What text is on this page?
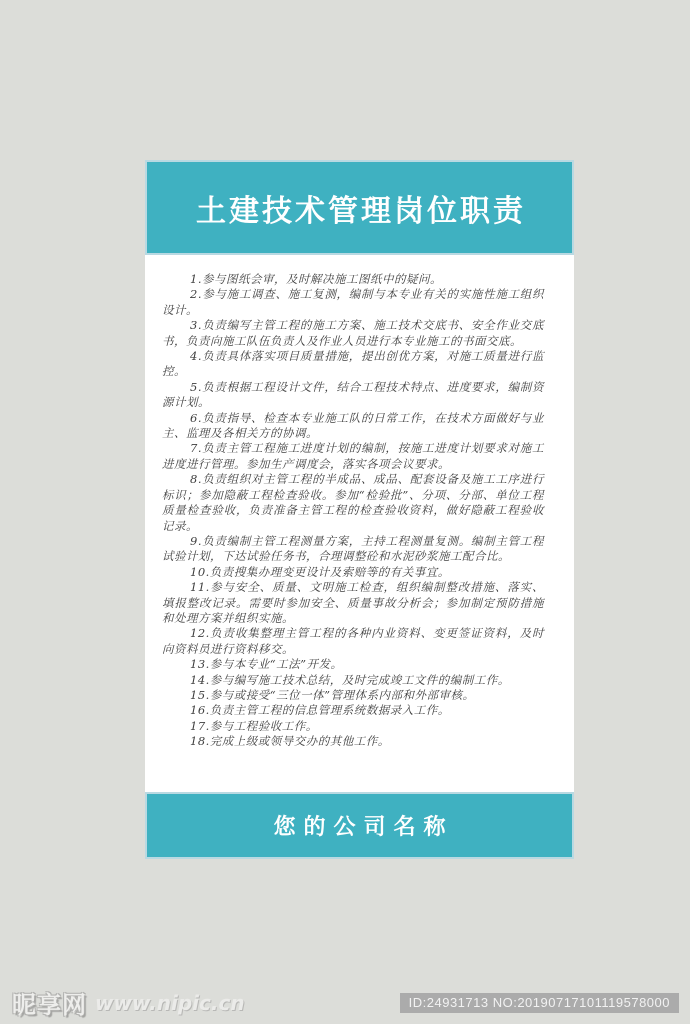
土建技术管理岗位职责

1.参与图纸会审，及时解决施工图纸中的疑问。

2.参与施工调查、施工复测，编制与本专业有关的实施性施工组织设计。

3.负责编写主管工程的施工方案、施工技术交底书、安全作业交底书，负责向施工队伍负责人及作业人员进行本专业施工的书面交底。

4.负责具体落实项目质量措施，提出创优方案，对施工质量进行监控。

5.负责根据工程设计文件，结合工程技术特点、进度要求，编制资源计划。

6.负责指导、检查本专业施工队的日常工作，在技术方面做好与业主、监理及各相关方的协调。

7.负责主管工程施工进度计划的编制，按施工进度计划要求对施工进度进行管理。参加生产调度会，落实各项会议要求。

8.负责组织对主管工程的半成品、成品、配套设备及施工工序进行标识；参加隐蔽工程检查验收。参加“检验批”、分项、分部、单位工程质量检查验收，负责准备主管工程的检查验收资料，做好隐蔽工程验收记录。

9.负责编制主管工程测量方案，主持工程测量复测。编制主管工程试验计划，下达试验任务书，合理调整砼和水泥砂浆施工配合比。

10.负责搜集办理变更设计及索赔等的有关事宜。

11.参与安全、质量、文明施工检查，组织编制整改措施、落实、填报整改记录。需要时参加安全、质量事故分析会；参加制定预防措施和处理方案并组织实施。

12.负责收集整理主管工程的各种内业资料、变更签证资料，及时向资料员进行资料移交。

13.参与本专业“工法”开发。

14.参与编写施工技术总结，及时完成竣工文件的编制工作。

15.参与或接受“三位一体”管理体系内部和外部审核。

16.负责主管工程的信息管理系统数据录入工作。

17.参与工程验收工作。

18.完成上级或领导交办的其他工作。

您的公司名称
昵享网 www.nipic.cn	ID:24931713 NO:20190717101119578000
